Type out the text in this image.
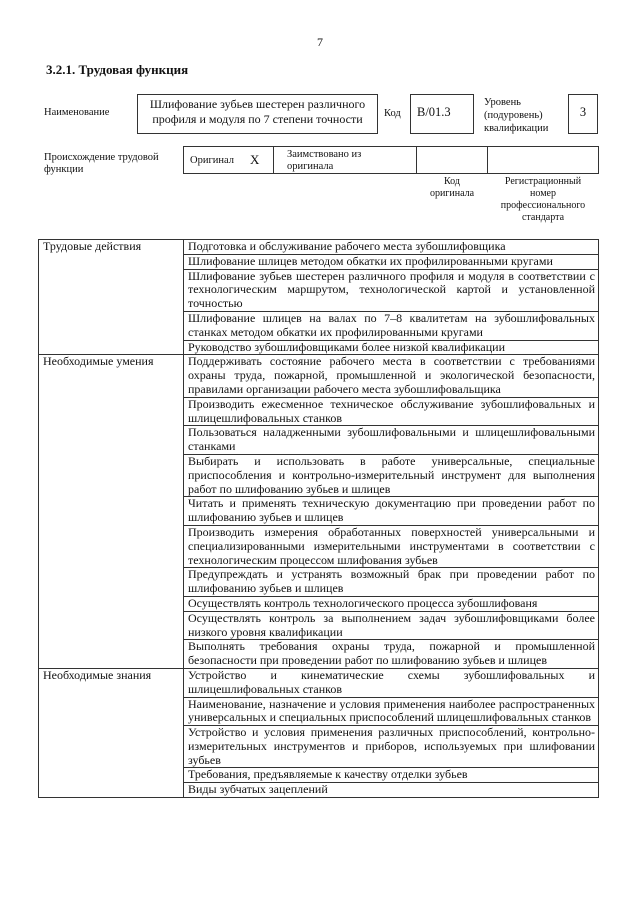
7
3.2.1. Трудовая функция
Наименование
Шлифование зубьев шестерен различного профиля и модуля по 7 степени точности	Код	B/01.3
Уровень
(подуровень)
квалификации
3
Происхождение трудовой
функции
Оригинал X	Заимствовано из
оригинала
Код
оригинала
Регистрационный
номер
профессионального
стандарта
Трудовые действия	Подготовка и обслуживание рабочего места зубошлифовщика
	Шлифование шлицев методом обкатки их профилированными кругами
	Шлифование зубьев шестерен различного профиля и модуля в соответствии с технологическим маршрутом, технологической картой и установленной точностью
	Шлифование шлицев на валах по 7–8 квалитетам на зубошлифовальных станках методом обкатки их профилированными кругами
	Руководство зубошлифовщиками более низкой квалификации
Необходимые умения	Поддерживать состояние рабочего места в соответствии с требованиями охраны труда, пожарной, промышленной и экологической безопасности, правилами организации рабочего места зубошлифовальщика
	Производить ежесменное техническое обслуживание зубошлифовальных и шлицешлифовальных станков
	Пользоваться наладженными зубошлифовальными и шлицешлифовальными станками
	Выбирать и использовать в работе универсальные, специальные приспособления и контрольно-измерительный инструмент для выполнения работ по шлифованию зубьев и шлицев
	Читать и применять техническую документацию при проведении работ по шлифованию зубьев и шлицев
	Производить измерения обработанных поверхностей универсальными и специализированными измерительными инструментами в соответствии с технологическим процессом шлифования зубьев
	Предупреждать и устранять возможный брак при проведении работ по шлифованию зубьев и шлицев
	Осуществлять контроль технологического процесса зубошлифованя
	Осуществлять контроль за выполнением задач зубошлифовщиками более низкого уровня квалификации
	Выполнять требования охраны труда, пожарной и промышленной безопасности при проведении работ по шлифованию зубьев и шлицев
Необходимые знания	Устройство и кинематические схемы зубошлифовальных и шлицешлифовальных станков
	Наименование, назначение и условия применения наиболее распространенных универсальных и специальных приспособлений шлицешлифовальных станков
	Устройство и условия применения различных приспособлений, контрольно-измерительных инструментов и приборов, используемых при шлифовании зубьев
	Требования, предъявляемые к качеству отделки зубьев
	Виды зубчатых зацеплений
